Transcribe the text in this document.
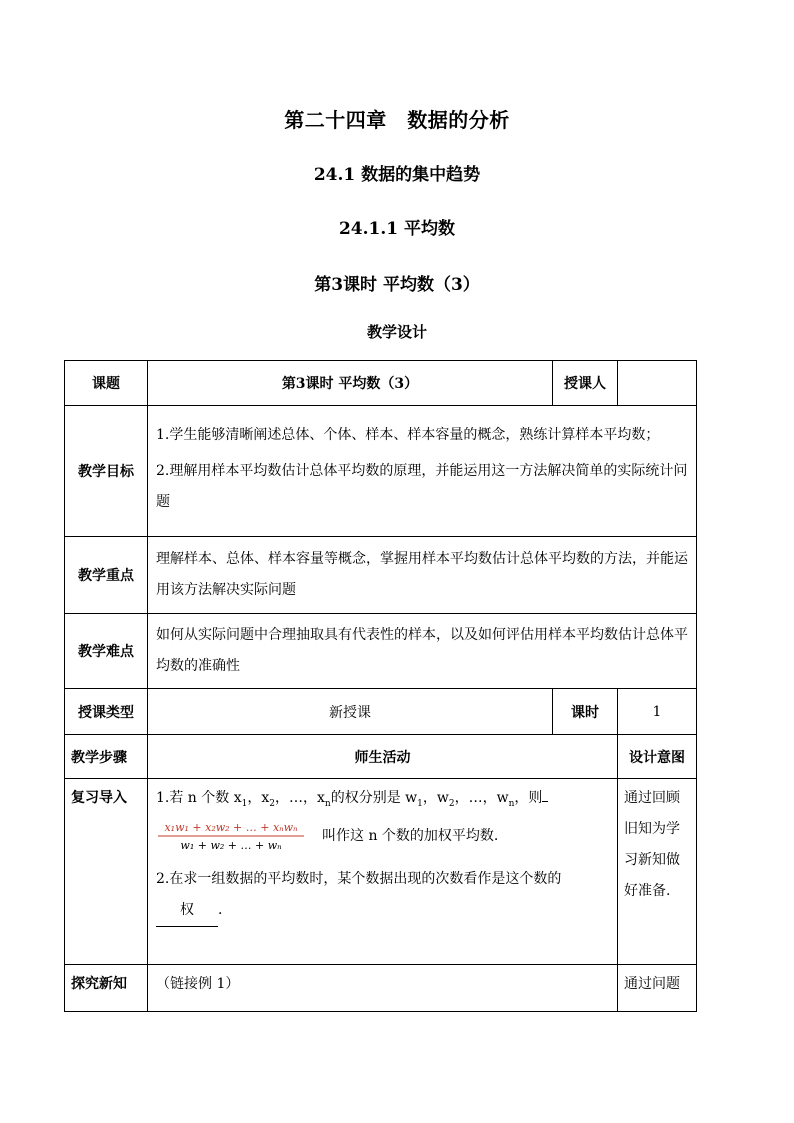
第二十四章　数据的分析
24.1 数据的集中趋势
24.1.1 平均数
第3课时 平均数（3）
教学设计
课题	第3课时 平均数（3）	授课人	
教学目标	1.学生能够清晰阐述总体、个体、样本、样本容量的概念，熟练计算样本平均数；

2.理解用样本平均数估计总体平均数的原理，并能运用这一方法解决简单的实际统计问题		

教学重点	理解样本、总体、样本容量等概念，掌握用样本平均数估计总体平均数的方法，并能运用该方法解决实际问题		
教学难点	如何从实际问题中合理抽取具有代表性的样本，以及如何评估用样本平均数估计总体平均数的准确性		
授课类型	新授课	课时	1
教学步骤	师生活动		设计意图
复习导入	1.若 n 个数 $x_1$，$x_2$，…，$x_n$的权分别是 $w_1$，$w_2$，…，$w_n$，则
x₁w₁ + x₂w₂ + … + xₙwₙ
w₁ + w₂ + … + wₙ
叫作这 n 个数的加权平均数.
2.在求一组数据的平均数时，某个数据出现的次数看作是这个数的权 .		通过回顾旧知为学习新知做好准备.
探究新知	（链接例 1）		通过问题
